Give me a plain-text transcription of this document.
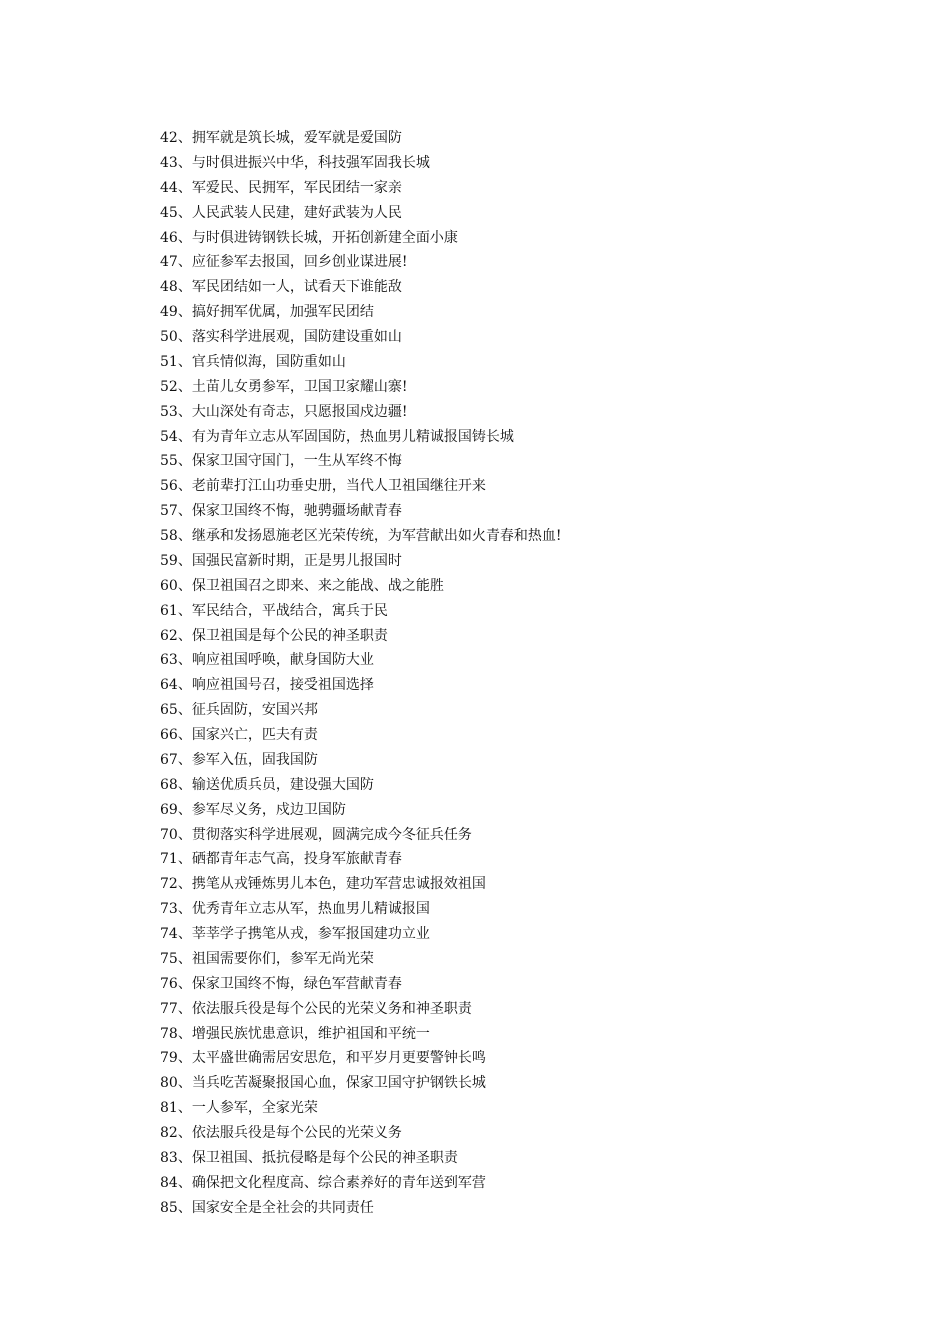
42、拥军就是筑长城，爱军就是爱国防
43、与时俱进振兴中华，科技强军固我长城
44、军爱民、民拥军，军民团结一家亲
45、人民武装人民建，建好武装为人民
46、与时俱进铸钢铁长城，开拓创新建全面小康
47、应征参军去报国，回乡创业谋进展!
48、军民团结如一人，试看天下谁能敌
49、搞好拥军优属，加强军民团结
50、落实科学进展观，国防建设重如山
51、官兵情似海，国防重如山
52、土苗儿女勇参军，卫国卫家耀山寨!
53、大山深处有奇志，只愿报国戍边疆!
54、有为青年立志从军固国防，热血男儿精诚报国铸长城
55、保家卫国守国门，一生从军终不悔
56、老前辈打江山功垂史册，当代人卫祖国继往开来
57、保家卫国终不悔，驰骋疆场献青春
58、继承和发扬恩施老区光荣传统，为军营献出如火青春和热血!
59、国强民富新时期，正是男儿报国时
60、保卫祖国召之即来、来之能战、战之能胜
61、军民结合，平战结合，寓兵于民
62、保卫祖国是每个公民的神圣职责
63、响应祖国呼唤，献身国防大业
64、响应祖国号召，接受祖国选择
65、征兵固防，安国兴邦
66、国家兴亡，匹夫有责
67、参军入伍，固我国防
68、输送优质兵员，建设强大国防
69、参军尽义务，戍边卫国防
70、贯彻落实科学进展观，圆满完成今冬征兵任务
71、硒都青年志气高，投身军旅献青春
72、携笔从戎锤炼男儿本色，建功军营忠诚报效祖国
73、优秀青年立志从军，热血男儿精诚报国
74、莘莘学子携笔从戎，参军报国建功立业
75、祖国需要你们，参军无尚光荣
76、保家卫国终不悔，绿色军营献青春
77、依法服兵役是每个公民的光荣义务和神圣职责
78、增强民族忧患意识，维护祖国和平统一
79、太平盛世确需居安思危，和平岁月更要警钟长鸣
80、当兵吃苦凝聚报国心血，保家卫国守护钢铁长城
81、一人参军，全家光荣
82、依法服兵役是每个公民的光荣义务
83、保卫祖国、抵抗侵略是每个公民的神圣职责
84、确保把文化程度高、综合素养好的青年送到军营
85、国家安全是全社会的共同责任
